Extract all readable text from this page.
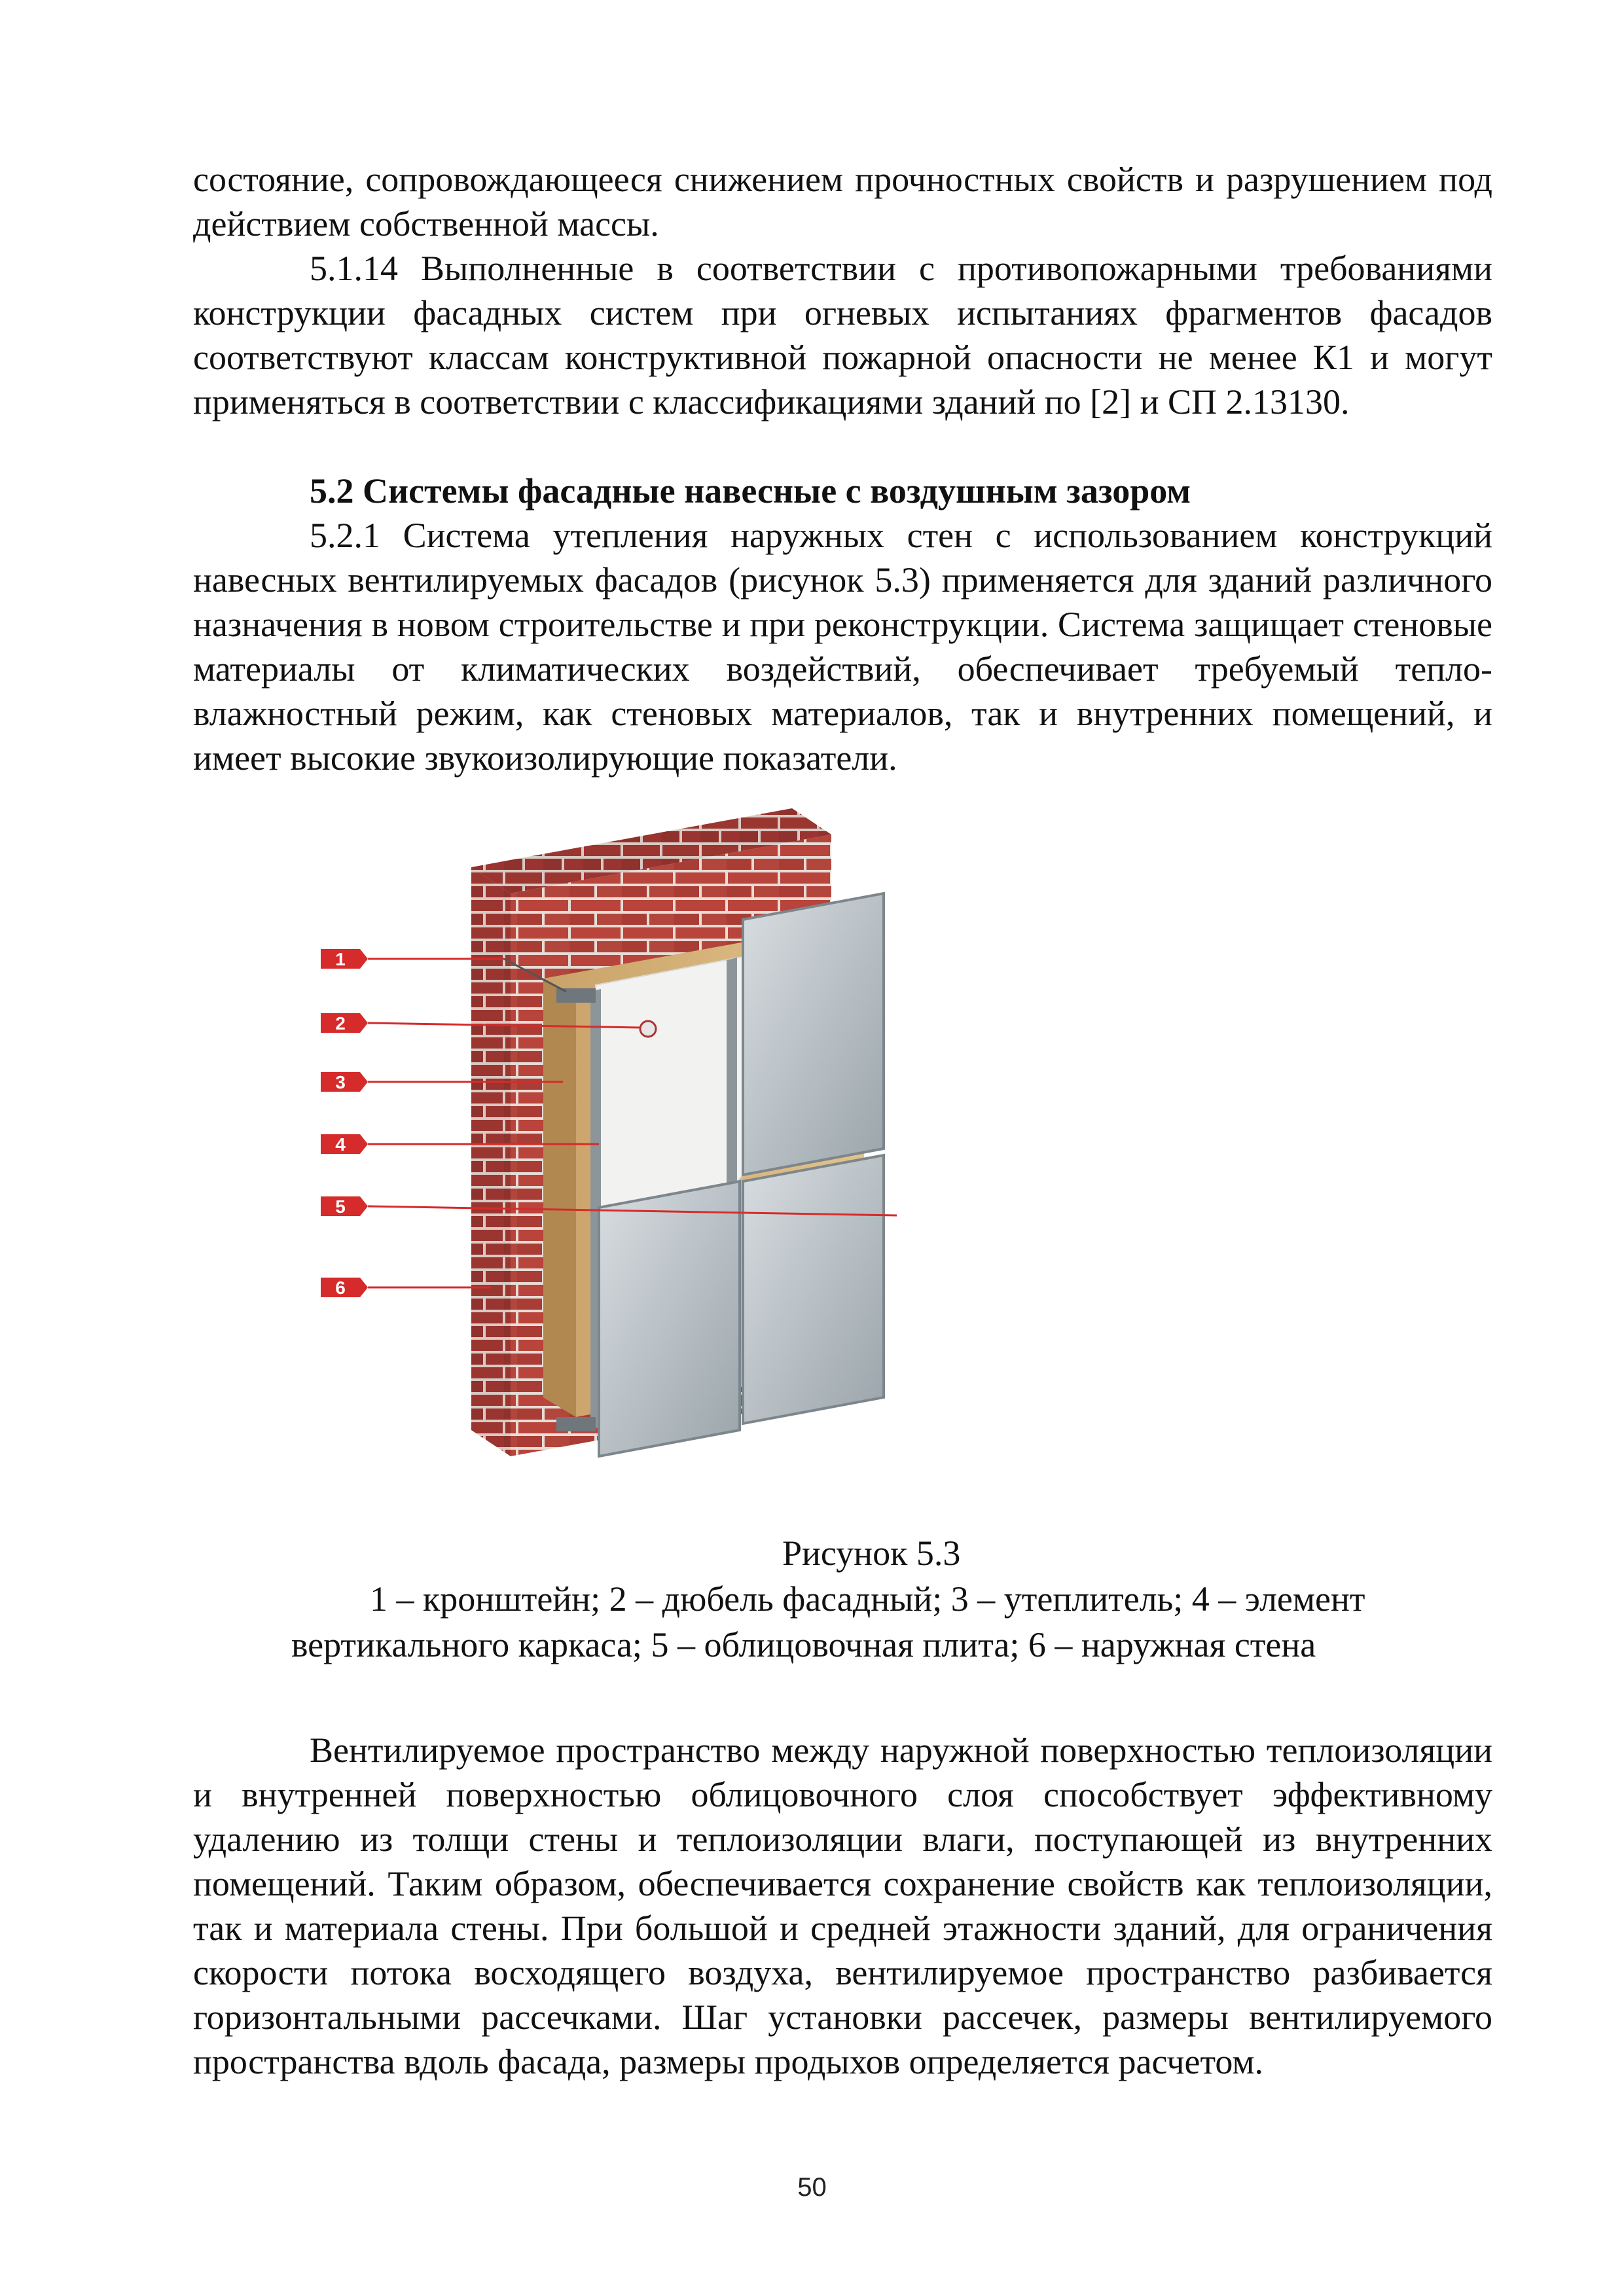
состояние, сопровождающееся снижением прочностных свойств и разрушением под действием собственной массы.

5.1.14 Выполненные в соответствии с противопожарными требованиями конструкции фасадных систем при огневых испытаниях фрагментов фасадов соответствуют классам конструктивной пожарной опасности не менее К1 и могут применяться в соответствии с классификациями зданий по [2] и СП 2.13130.

5.2 Системы фасадные навесные с воздушным зазором

5.2.1 Система утепления наружных стен с использованием конструкций навесных вентилируемых фасадов (рисунок 5.3) применяется для зданий различного назначения в новом строительстве и при реконструкции. Система защищает стеновые материалы от климатических воздействий, обеспечивает требуемый тепло-влажностный режим, как стеновых материалов, так и внутренних помещений, и имеет высокие звукоизолирующие показатели.

1
2
3
4
5
6
Рисунок 5.3
1 – кронштейн; 2 – дюбель фасадный; 3 – утеплитель; 4 – элемент
вертикального каркаса; 5 – облицовочная плита; 6 – наружная стена

Вентилируемое пространство между наружной поверхностью теплоизоляции и внутренней поверхностью облицовочного слоя способствует эффективному удалению из толщи стены и теплоизоляции влаги, поступающей из внутренних помещений. Таким образом, обеспечивается сохранение свойств как теплоизоляции, так и материала стены. При большой и средней этажности зданий, для ограничения скорости потока восходящего воздуха, вентилируемое пространство разбивается горизонтальными рассечками. Шаг установки рассечек, размеры вентилируемого пространства вдоль фасада, размеры продыхов определяется расчетом.

50
